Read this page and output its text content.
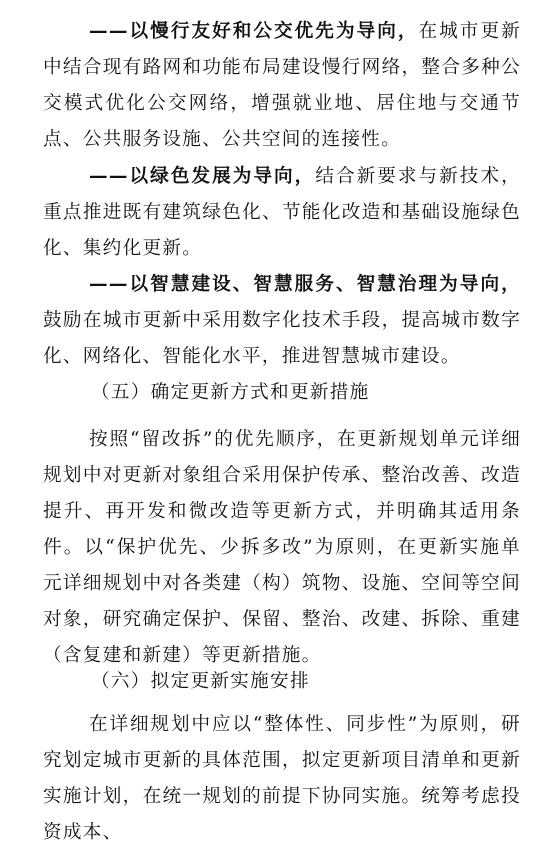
——以慢行友好和公交优先为导向，在城市更新中结合现有路网和功能布局建设慢行网络，整合多种公交模式优化公交网络，增强就业地、居住地与交通节点、公共服务设施、公共空间的连接性。

——以绿色发展为导向，结合新要求与新技术，重点推进既有建筑绿色化、节能化改造和基础设施绿色化、集约化更新。

——以智慧建设、智慧服务、智慧治理为导向，鼓励在城市更新中采用数字化技术手段，提高城市数字化、网络化、智能化水平，推进智慧城市建设。

（五）确定更新方式和更新措施

按照“留改拆”的优先顺序，在更新规划单元详细规划中对更新对象组合采用保护传承、整治改善、改造提升、再开发和微改造等更新方式，并明确其适用条件。以“保护优先、少拆多改”为原则，在更新实施单元详细规划中对各类建（构）筑物、设施、空间等空间对象，研究确定保护、保留、整治、改建、拆除、重建（含复建和新建）等更新措施。

（六）拟定更新实施安排

在详细规划中应以“整体性、同步性”为原则，研究划定城市更新的具体范围，拟定更新项目清单和更新实施计划，在统一规划的前提下协同实施。统筹考虑投资成本、
